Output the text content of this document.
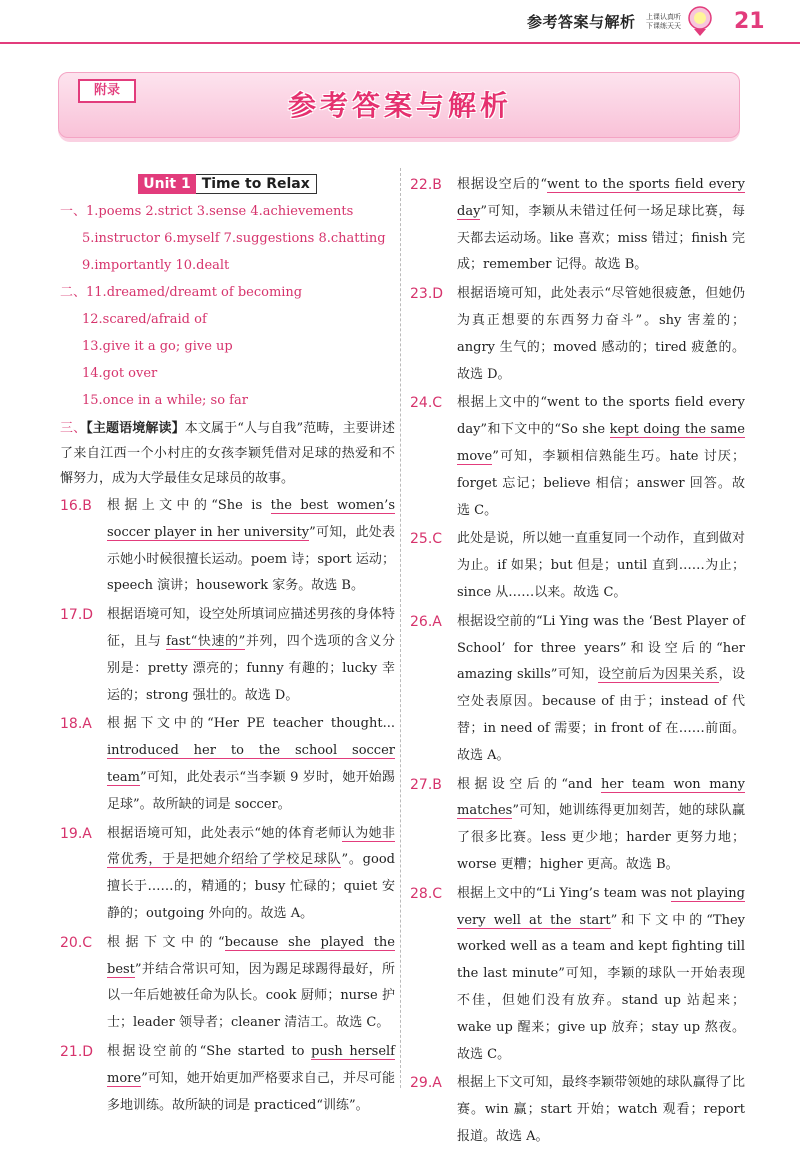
参考答案与解析 上课认真听
下课练天天 21
附录	参考答案与解析
Unit 1 Time to Relax
一、1.poems 2.strict 3.sense 4.achievements
5.instructor 6.myself 7.suggestions 8.chatting
9.importantly 10.dealt
二、11.dreamed/dreamt of becoming
12.scared/afraid of
13.give it a go; give up
14.got over
15.once in a while; so far
三、【主题语境解读】本文属于“人与自我”范畴，主要讲述了来自江西一个小村庄的女孩李颖凭借对足球的热爱和不懈努力，成为大学最佳女足球员的故事。
16.B 根据上文中的“She is the best women’s soccer player in her university”可知，此处表示她小时候很擅长运动。poem 诗；sport 运动；speech 演讲；housework 家务。故选 B。
17.D 根据语境可知，设空处所填词应描述男孩的身体特征，且与 fast“快速的”并列，四个选项的含义分别是：pretty 漂亮的；funny 有趣的；lucky 幸运的；strong 强壮的。故选 D。
18.A 根据下文中的“Her PE teacher thought... introduced her to the school soccer team”可知，此处表示“当李颖 9 岁时，她开始踢足球”。故所缺的词是 soccer。
19.A 根据语境可知，此处表示“她的体育老师认为她非常优秀，于是把她介绍给了学校足球队”。good 擅长于……的，精通的；busy 忙碌的；quiet 安静的；outgoing 外向的。故选 A。
20.C 根据下文中的“because she played the best”并结合常识可知，因为踢足球踢得最好，所以一年后她被任命为队长。cook 厨师；nurse 护士；leader 领导者；cleaner 清洁工。故选 C。
21.D 根据设空前的“She started to push herself more”可知，她开始更加严格要求自己，并尽可能多地训练。故所缺的词是 practiced“训练”。
22.B 根据设空后的“went to the sports field every day”可知，李颖从未错过任何一场足球比赛，每天都去运动场。like 喜欢；miss 错过；finish 完成；remember 记得。故选 B。
23.D 根据语境可知，此处表示“尽管她很疲惫，但她仍为真正想要的东西努力奋斗”。shy 害羞的；angry 生气的；moved 感动的；tired 疲惫的。故选 D。
24.C 根据上文中的“went to the sports field every day”和下文中的“So she kept doing the same move”可知，李颖相信熟能生巧。hate 讨厌；forget 忘记；believe 相信；answer 回答。故选 C。
25.C 此处是说，所以她一直重复同一个动作，直到做对为止。if 如果；but 但是；until 直到……为止；since 从……以来。故选 C。
26.A 根据设空前的“Li Ying was the ‘Best Player of School’ for three years”和设空后的“her amazing skills”可知，设空前后为因果关系，设空处表原因。because of 由于；instead of 代替；in need of 需要；in front of 在……前面。故选 A。
27.B 根据设空后的“and her team won many matches”可知，她训练得更加刻苦，她的球队赢了很多比赛。less 更少地；harder 更努力地；worse 更糟；higher 更高。故选 B。
28.C 根据上文中的“Li Ying’s team was not playing very well at the start”和下文中的“They worked well as a team and kept fighting till the last minute”可知，李颖的球队一开始表现不佳，但她们没有放弃。stand up 站起来；wake up 醒来；give up 放弃；stay up 熬夜。故选 C。
29.A 根据上下文可知，最终李颖带领她的球队赢得了比赛。win 赢；start 开始；watch 观看；report 报道。故选 A。
